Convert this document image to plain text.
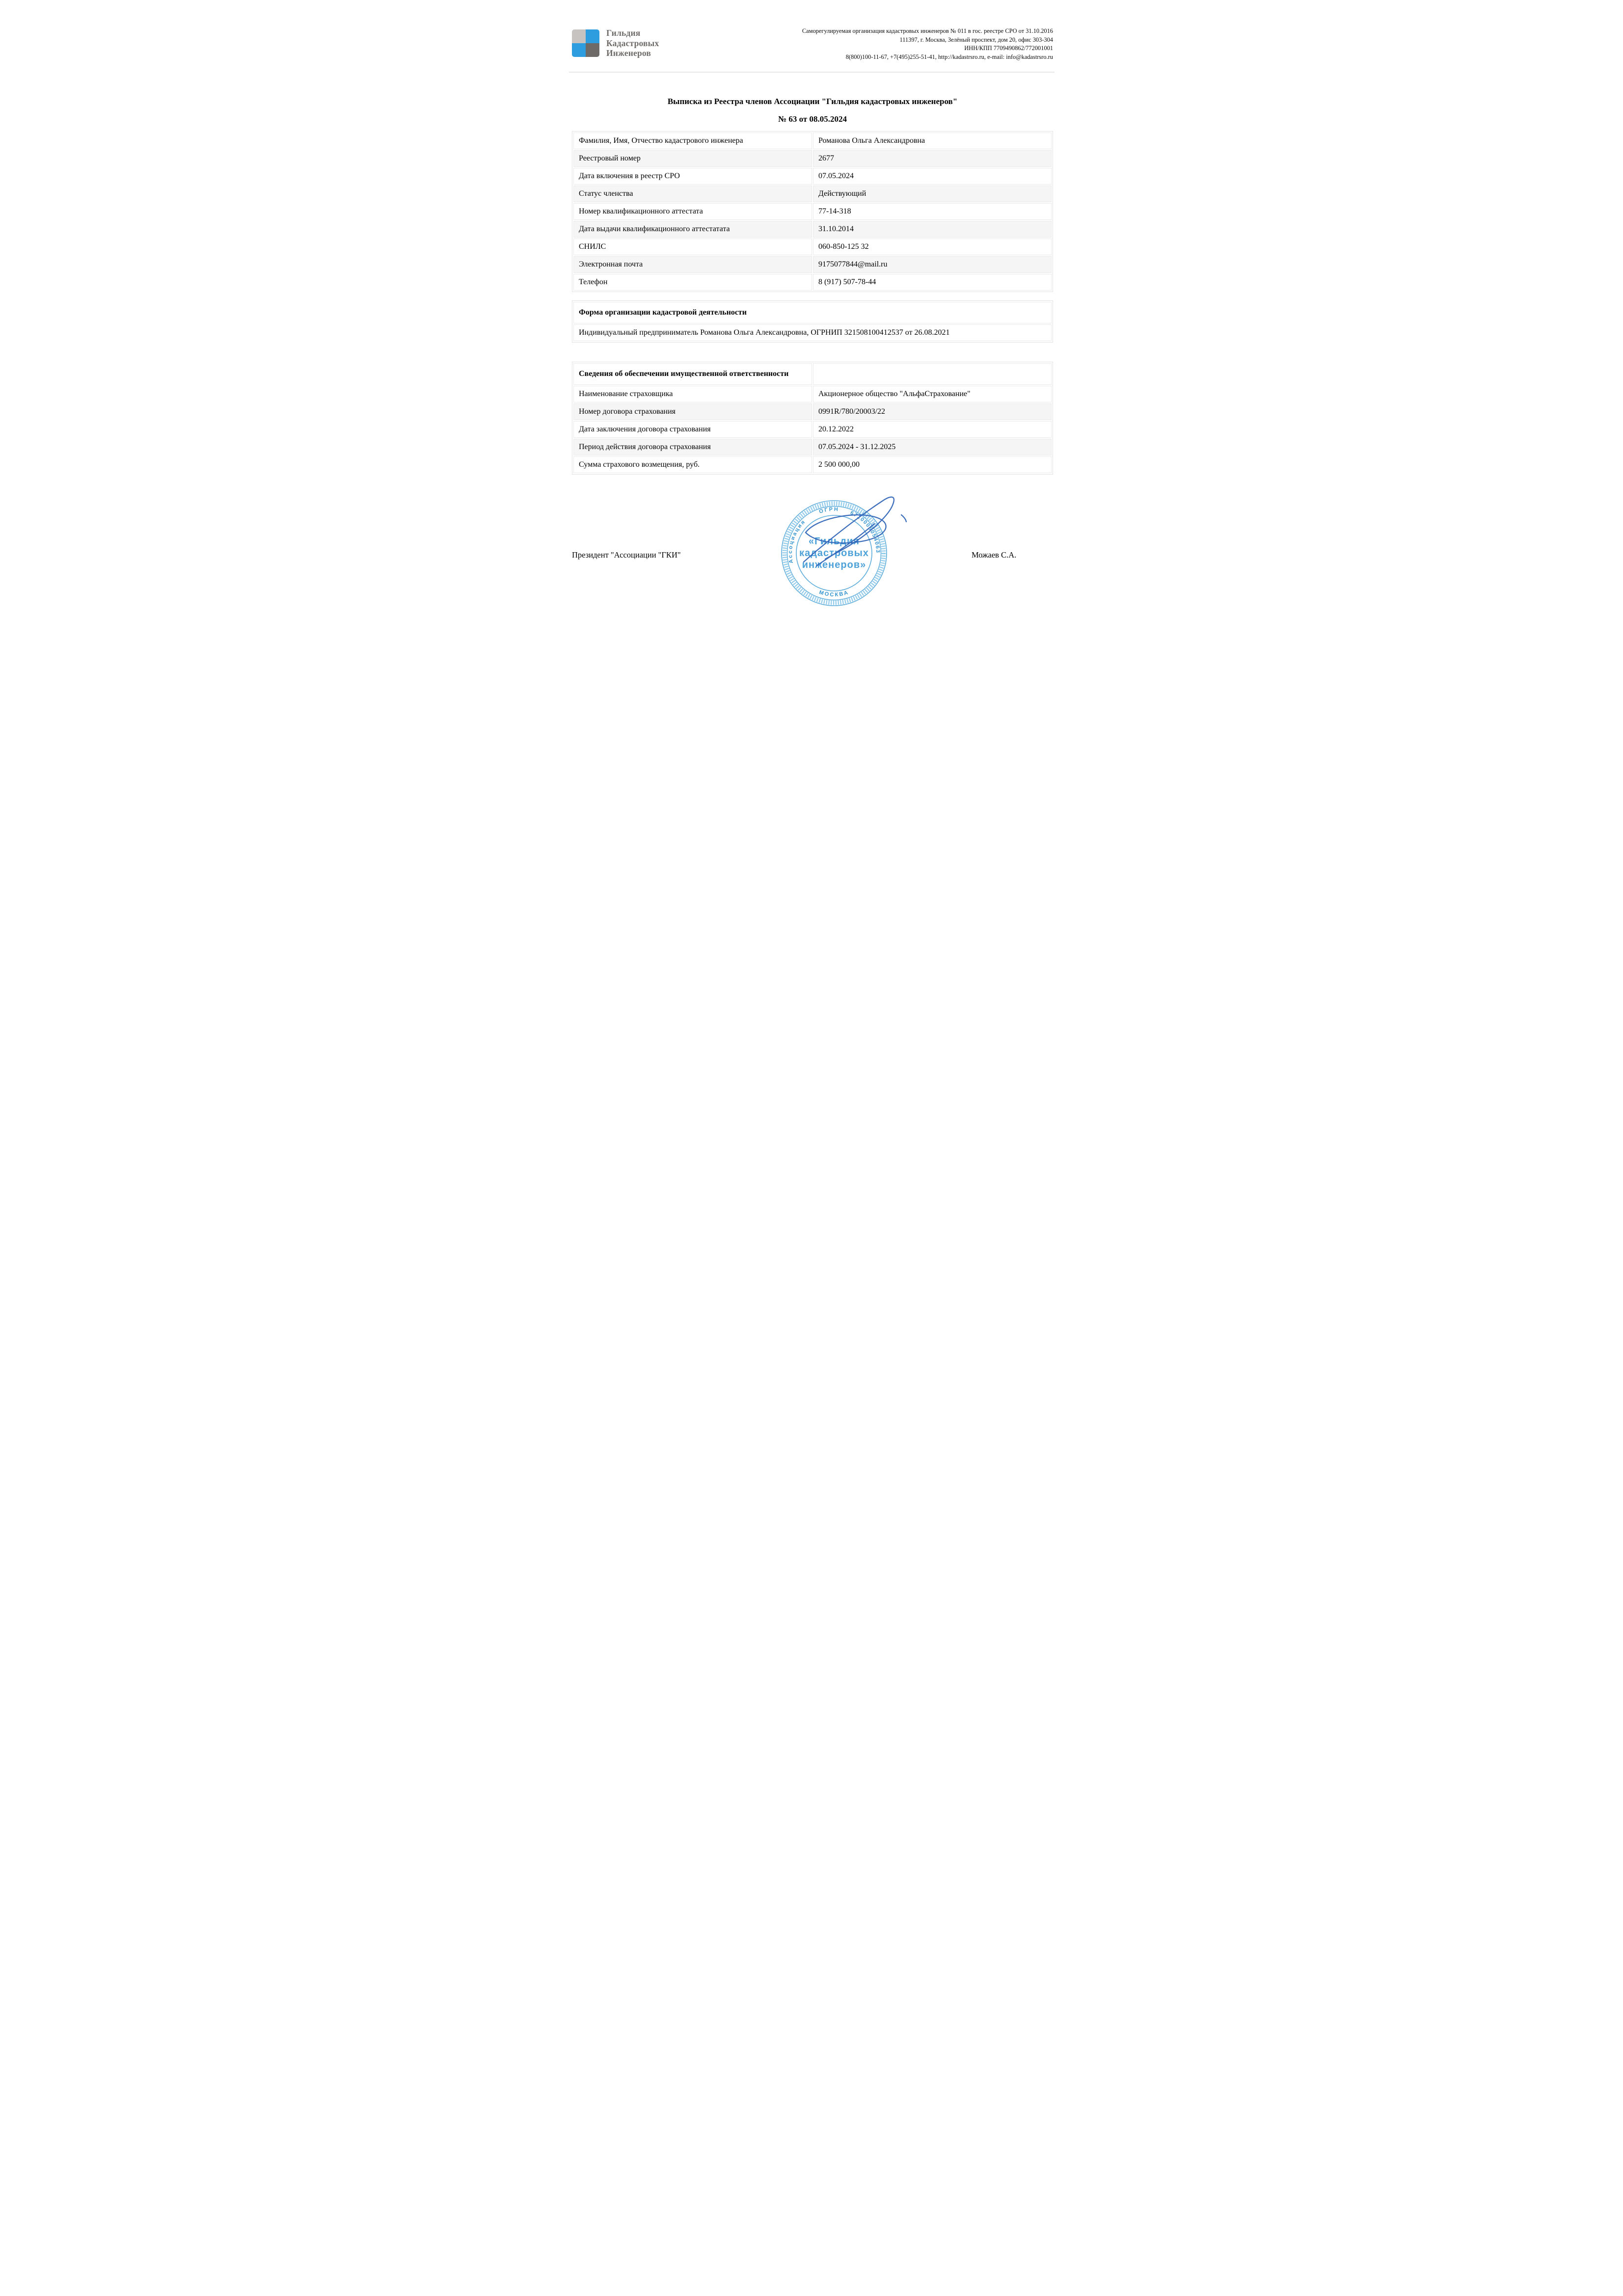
Гильдия
Кадастровых
Инженеров
Саморегулируемая организация кадастровых инженеров № 011 в гос. реестре СРО от 31.10.2016
111397, г. Москва, Зелёный проспект, дом 20, офис 303-304
ИНН/КПП 7709490862/772001001
8(800)100-11-67, +7(495)255-51-41, http://kadastrsro.ru, e-mail: info@kadastrsro.ru
Выписка из Реестра членов Ассоциации "Гильдия кадастровых инженеров"
№ 63 от 08.05.2024
Фамилия, Имя, Отчество кадастрового инженера	Романова Ольга Александровна
Реестровый номер	2677
Дата включения в реестр СРО	07.05.2024
Статус членства	Действующий
Номер квалификационного аттестата	77-14-318
Дата выдачи квалификационного аттестатата	31.10.2014
СНИЛС	060-850-125 32
Электронная почта	9175077844@mail.ru
Телефон	8 (917) 507-78-44
Форма организации кадастровой деятельности
Индивидуальный предприниматель Романова Ольга Александровна, ОГРНИП 321508100412537 от 26.08.2021
Сведения об обеспечении имущественной ответственности	
Наименование страховщика	Акционерное общество "АльфаСтрахование"
Номер договора страхования	0991R/780/20003/22
Дата заключения договора страхования	20.12.2022
Период действия договора страхования	07.05.2024 - 31.12.2025
Сумма страхового возмещения, руб.	2 500 000,00
Президент "Ассоциации "ГКИ"	Можаев С.А.
Ассоциация
ОГРН
6710005054063
МОСКВА
«Гильдия
кадастровых
инженеров»
